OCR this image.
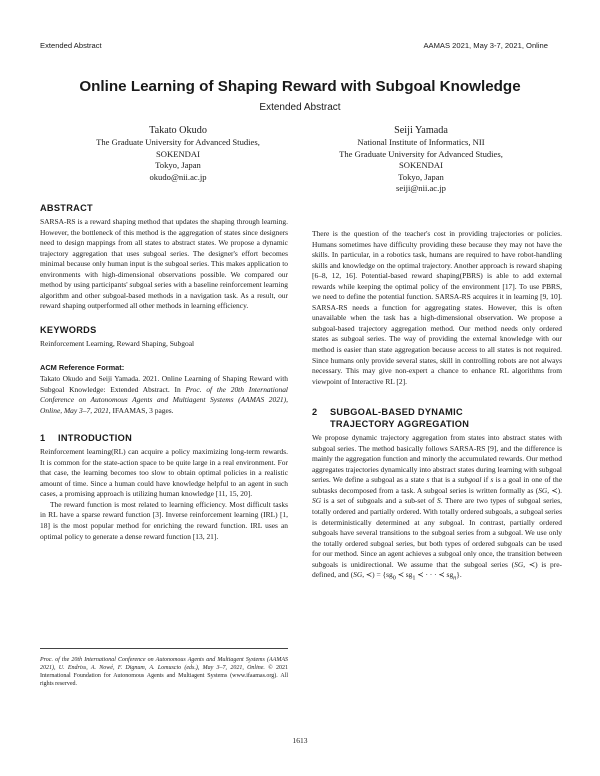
Extended Abstract	AAMAS 2021, May 3-7, 2021, Online
Online Learning of Shaping Reward with Subgoal Knowledge
Extended Abstract
Takato Okudo
The Graduate University for Advanced Studies,
SOKENDAI
Tokyo, Japan
okudo@nii.ac.jp
Seiji Yamada
National Institute of Informatics, NII
The Graduate University for Advanced Studies,
SOKENDAI
Tokyo, Japan
seiji@nii.ac.jp
ABSTRACT

SARSA-RS is a reward shaping method that updates the shaping through learning. However, the bottleneck of this method is the aggregation of states since designers need to design mappings from all states to abstract states. We propose a dynamic trajectory aggregation that uses subgoal series. The designer's effort becomes minimal because only human input is the subgoal series. This makes application to environments with high-dimensional observations possible. We compared our method by using participants' subgoal series with a baseline reinforcement learning algorithm and other subgoal-based methods in a navigation task. As a result, our reward shaping outperformed all other methods in learning efficiency.

KEYWORDS

Reinforcement Learning, Reward Shaping, Subgoal

ACM Reference Format:

Takato Okudo and Seiji Yamada. 2021. Online Learning of Shaping Reward with Subgoal Knowledge: Extended Abstract. In Proc. of the 20th International Conference on Autonomous Agents and Multiagent Systems (AAMAS 2021), Online, May 3–7, 2021, IFAAMAS, 3 pages.

1 INTRODUCTION

Reinforcement learning(RL) can acquire a policy maximizing long-term rewards. It is common for the state-action space to be quite large in a real environment. For that case, the learning becomes too slow to obtain optimal policies in a realistic amount of time. Since a human could have knowledge helpful to an agent in such cases, a promising approach is utilizing human knowledge [11, 15, 20].

The reward function is most related to learning efficiency. Most difficult tasks in RL have a sparse reward function [3]. Inverse reinforcement learning (IRL) [1, 18] is the most popular method for enriching the reward function. IRL uses an optimal policy to generate a dense reward function [13, 21].

There is the question of the teacher's cost in providing trajectories or policies. Humans sometimes have difficulty providing these because they may not have the skills. In particular, in a robotics task, humans are required to have robot-handling skills and knowledge on the optimal trajectory. Another approach is reward shaping [6–8, 12, 16]. Potential-based reward shaping(PBRS) is able to add external rewards while keeping the optimal policy of the environment [17]. To use PBRS, we need to define the potential function. SARSA-RS acquires it in learning [9, 10]. SARSA-RS needs a function for aggregating states. However, this is often unavailable when the task has a high-dimensional observation. We propose a subgoal-based trajectory aggregation method. Our method needs only ordered states as subgoal series. The way of providing the external knowledge with our method is easier than state aggregation because access to all states is not required. Since humans only provide several states, skill in controlling robots are not always necessary. This may give non-expert a chance to enhance RL algorithms from viewpoint of Interactive RL [2].

2	SUBGOAL-BASED DYNAMIC
TRAJECTORY AGGREGATION

We propose dynamic trajectory aggregation from states into abstract states with subgoal series. The method basically follows SARSA-RS [9], and the difference is mainly the aggregation function and minorly the accumulated rewards. Our method aggregates trajectories dynamically into abstract states during learning with subgoal series. We define a subgoal as a state s that is a subgoal if s is a goal in one of the subtasks decomposed from a task. A subgoal series is written formally as (SG, ≺). SG is a set of subgoals and a sub-set of S. There are two types of subgoal series, totally ordered and partially ordered. With totally ordered subgoals, a subgoal series is deterministically determined at any subgoal. In contrast, partially ordered subgoals have several transitions to the subgoal series from a subgoal. We use only the totally ordered subgoal series, but both types of ordered subgoals can be used for our method. Since an agent achieves a subgoal only once, the transition between subgoals is unidirectional. We assume that the subgoal series (SG, ≺) is pre-defined, and (SG, ≺) = {$sg_0$ ≺ $sg_1$ ≺ · · · ≺ $sg_n$}.

Proc. of the 20th International Conference on Autonomous Agents and Multiagent Systems (AAMAS 2021), U. Endriss, A. Nowé, F. Dignum, A. Lomuscio (eds.), May 3–7, 2021, Online. © 2021 International Foundation for Autonomous Agents and Multiagent Systems (www.ifaamas.org). All rights reserved.
1613
